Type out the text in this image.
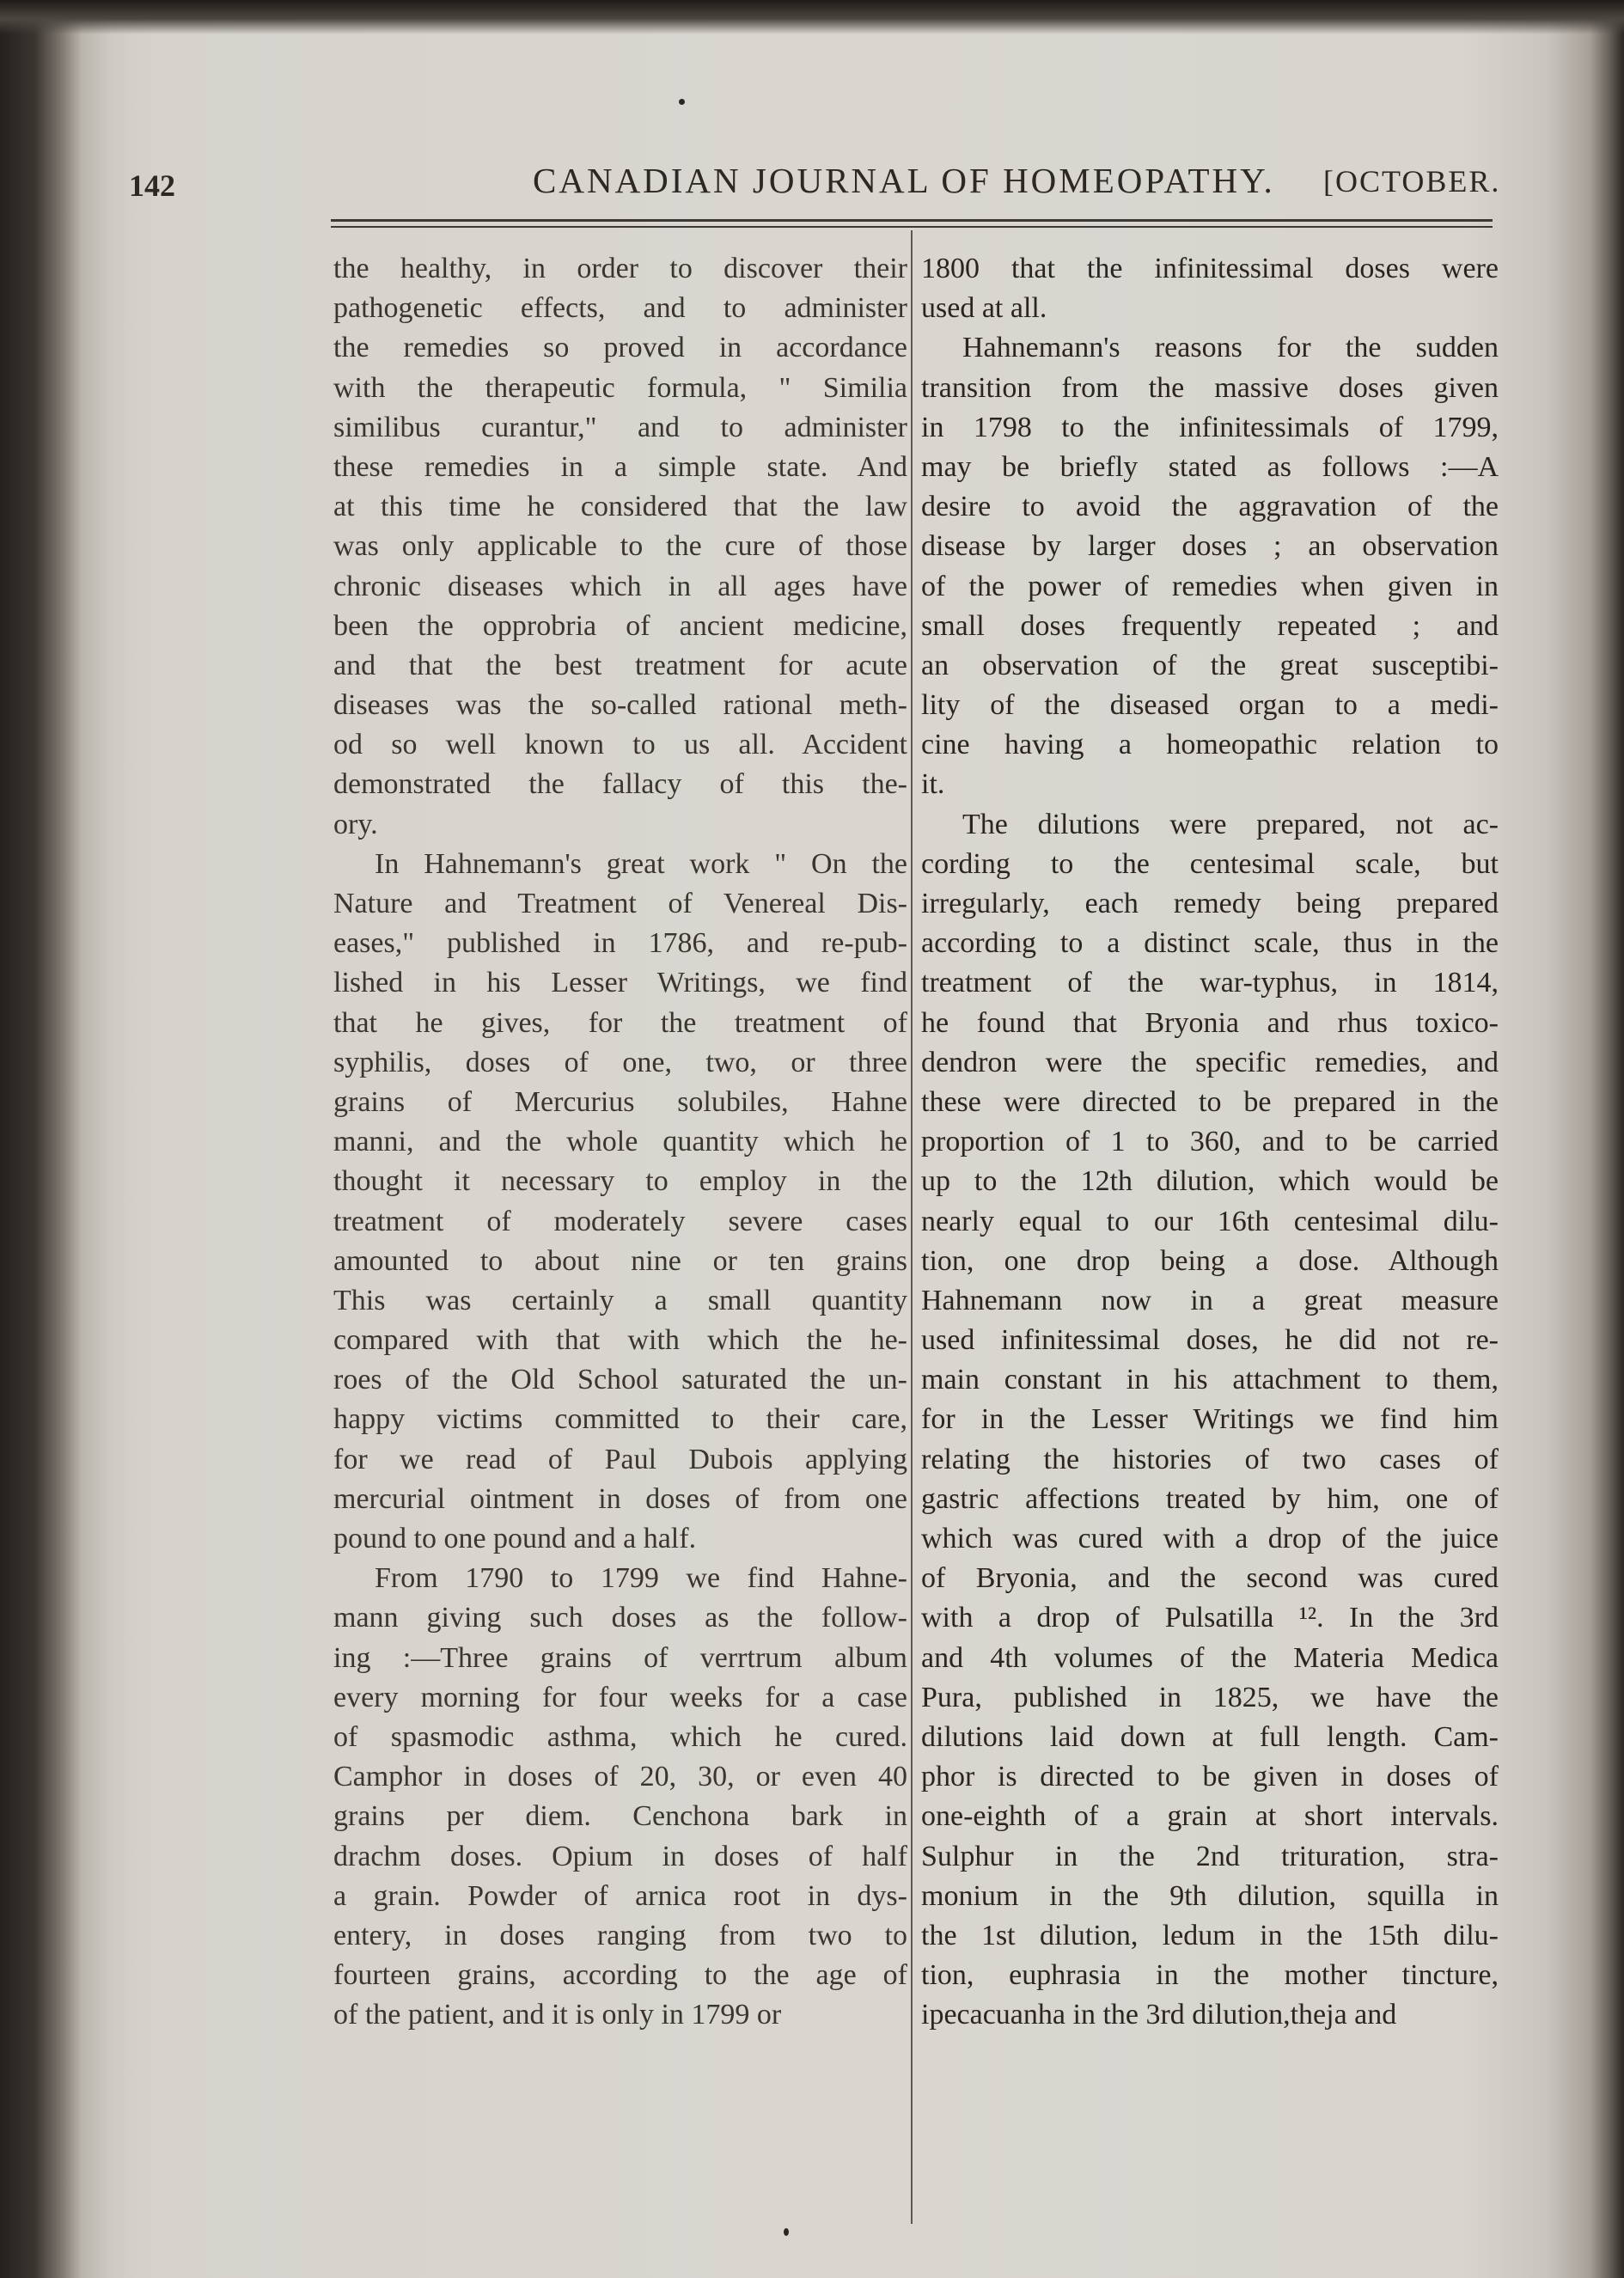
142	CANADIAN JOURNAL OF HOMEOPATHY. [OCTOBER.
the healthy, in order to discover their
pathogenetic effects, and to administer
the remedies so proved in accordance
with the therapeutic formula, " Similia
similibus curantur," and to administer
these remedies in a simple state. And
at this time he considered that the law
was only applicable to the cure of those
chronic diseases which in all ages have
been the opprobria of ancient medicine,
and that the best treatment for acute
diseases was the so-called rational meth-
od so well known to us all. Accident
demonstrated the fallacy of this the-
ory.
In Hahnemann's great work " On the
Nature and Treatment of Venereal Dis-
eases," published in 1786, and re-pub-
lished in his Lesser Writings, we find
that he gives, for the treatment of
syphilis, doses of one, two, or three
grains of Mercurius solubiles, Hahne
manni, and the whole quantity which he
thought it necessary to employ in the
treatment of moderately severe cases
amounted to about nine or ten grains
This was certainly a small quantity
compared with that with which the he-
roes of the Old School saturated the un-
happy victims committed to their care,
for we read of Paul Dubois applying
mercurial ointment in doses of from one
pound to one pound and a half.
From 1790 to 1799 we find Hahne-
mann giving such doses as the follow-
ing :—Three grains of verrtrum album
every morning for four weeks for a case
of spasmodic asthma, which he cured.
Camphor in doses of 20, 30, or even 40
grains per diem. Cenchona bark in
drachm doses. Opium in doses of half
a grain. Powder of arnica root in dys-
entery, in doses ranging from two to
fourteen grains, according to the age of
of the patient, and it is only in 1799 or
1800 that the infinitessimal doses were
used at all.
Hahnemann's reasons for the sudden
transition from the massive doses given
in 1798 to the infinitessimals of 1799,
may be briefly stated as follows :—A
desire to avoid the aggravation of the
disease by larger doses ; an observation
of the power of remedies when given in
small doses frequently repeated ; and
an observation of the great susceptibi-
lity of the diseased organ to a medi-
cine having a homeopathic relation to
it.
The dilutions were prepared, not ac-
cording to the centesimal scale, but
irregularly, each remedy being prepared
according to a distinct scale, thus in the
treatment of the war-typhus, in 1814,
he found that Bryonia and rhus toxico-
dendron were the specific remedies, and
these were directed to be prepared in the
proportion of 1 to 360, and to be carried
up to the 12th dilution, which would be
nearly equal to our 16th centesimal dilu-
tion, one drop being a dose. Although
Hahnemann now in a great measure
used infinitessimal doses, he did not re-
main constant in his attachment to them,
for in the Lesser Writings we find him
relating the histories of two cases of
gastric affections treated by him, one of
which was cured with a drop of the juice
of Bryonia, and the second was cured
with a drop of Pulsatilla ¹². In the 3rd
and 4th volumes of the Materia Medica
Pura, published in 1825, we have the
dilutions laid down at full length. Cam-
phor is directed to be given in doses of
one-eighth of a grain at short intervals.
Sulphur in the 2nd trituration, stra-
monium in the 9th dilution, squilla in
the 1st dilution, ledum in the 15th dilu-
tion, euphrasia in the mother tincture,
ipecacuanha in the 3rd dilution,theja and
